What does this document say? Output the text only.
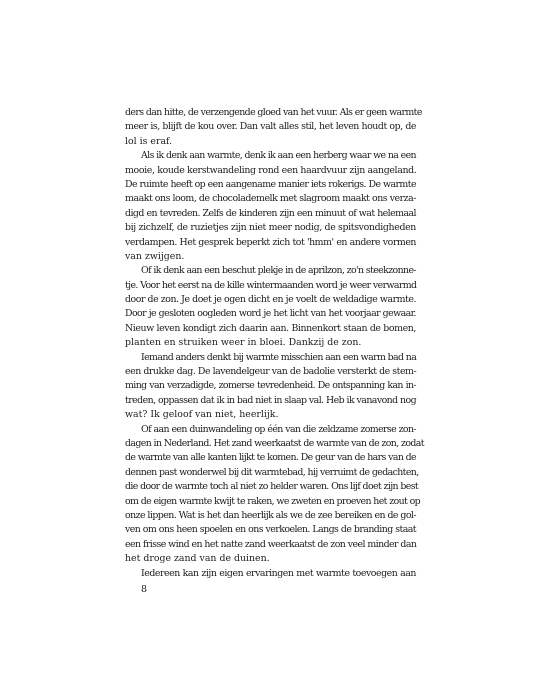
ders dan hitte, de verzengende gloed van het vuur. Als er geen warmte
meer is, blijft de kou over. Dan valt alles stil, het leven houdt op, de
lol is eraf.
Als ik denk aan warmte, denk ik aan een herberg waar we na een
mooie, koude kerstwandeling rond een haardvuur zijn aangeland.
De ruimte heeft op een aangename manier iets rokerigs. De warmte
maakt ons loom, de chocolademelk met slagroom maakt ons verza-
digd en tevreden. Zelfs de kinderen zijn een minuut of wat helemaal
bij zichzelf, de ruzietjes zijn niet meer nodig, de spitsvondigheden
verdampen. Het gesprek beperkt zich tot 'hmm' en andere vormen
van zwijgen.
Of ik denk aan een beschut plekje in de aprilzon, zo'n steekzonne-
tje. Voor het eerst na de kille wintermaanden word je weer verwarmd
door de zon. Je doet je ogen dicht en je voelt de weldadige warmte.
Door je gesloten oogleden word je het licht van het voorjaar gewaar.
Nieuw leven kondigt zich daarin aan. Binnenkort staan de bomen,
planten en struiken weer in bloei. Dankzij de zon.
Iemand anders denkt bij warmte misschien aan een warm bad na
een drukke dag. De lavendelgeur van de badolie versterkt de stem-
ming van verzadigde, zomerse tevredenheid. De ontspanning kan in-
treden, oppassen dat ik in bad niet in slaap val. Heb ik vanavond nog
wat? Ik geloof van niet, heerlijk.
Of aan een duinwandeling op één van die zeldzame zomerse zon-
dagen in Nederland. Het zand weerkaatst de warmte van de zon, zodat
de warmte van alle kanten lijkt te komen. De geur van de hars van de
dennen past wonderwel bij dit warmtebad, hij verruimt de gedachten,
die door de warmte toch al niet zo helder waren. Ons lijf doet zijn best
om de eigen warmte kwijt te raken, we zweten en proeven het zout op
onze lippen. Wat is het dan heerlijk als we de zee bereiken en de gol-
ven om ons heen spoelen en ons verkoelen. Langs de branding staat
een frisse wind en het natte zand weerkaatst de zon veel minder dan
het droge zand van de duinen.
Iedereen kan zijn eigen ervaringen met warmte toevoegen aan
8
